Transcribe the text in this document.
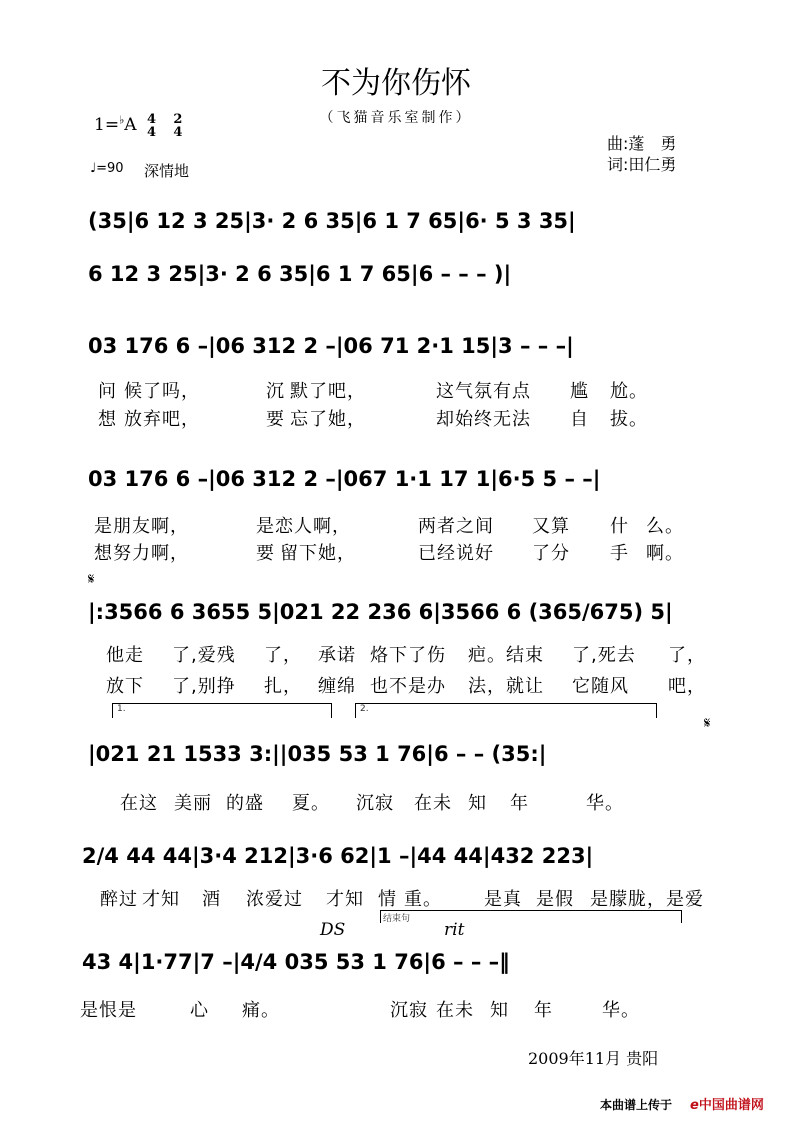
不为你伤怀
（飞猫音乐室制作）
1=♭A 4
4 2
4
♩=90 深情地
曲:蓬　勇
词:田仁勇
(35|6 12 3 25|3· 2 6 35|6 1 7 65|6· 5 3 35|
6 12 3 25|3· 2 6 35|6 1 7 65|6 – – – )|
03 176 6 –|06 312 2 –|06 71 2·1 15|3 – – –|
问 候了吗，	沉 默了吧，	这气氛有点 尴 尬。
想 放弃吧，	要 忘了她，	却始终无法 自 拔。
03 176 6 –|06 312 2 –|067 1·1 17 1|6·5 5 – –|
是朋友啊，	是恋人啊，	两者之间 又算 什 么。
想努力啊，	要 留下她，	已经说好 了分 手 啊。
𝄋
|:3566 6 3655 5|021 22 236 6|3566 6 (365/675) 5|
他走 了,爱残 了， 承诺 烙下了伤 疤。结束 了,死去 了，
放下 了,别挣 扎， 缠绵 也不是办 法，就让 它随风 吧，
1.	2.
𝄋
|021 21 1533 3:||035 53 1 76|6 – – (35:|
在这 美丽 的盛 夏。 沉寂 在未 知 年	华。
2/4 44 44|3·4 212|3·6 62|1 –|44 44|432 223|
醉过 才知 酒 浓爱过 才知 情 重。 是真 是假 是朦胧，是爱
DS
结束句
rit
43 4|1·77|7 –|4/4 035 53 1 76|6 – – –‖
是恨是	心 痛。	沉寂 在未 知 年	华。
2009年11月 贵阳
本曲谱上传于 e中国曲谱网
